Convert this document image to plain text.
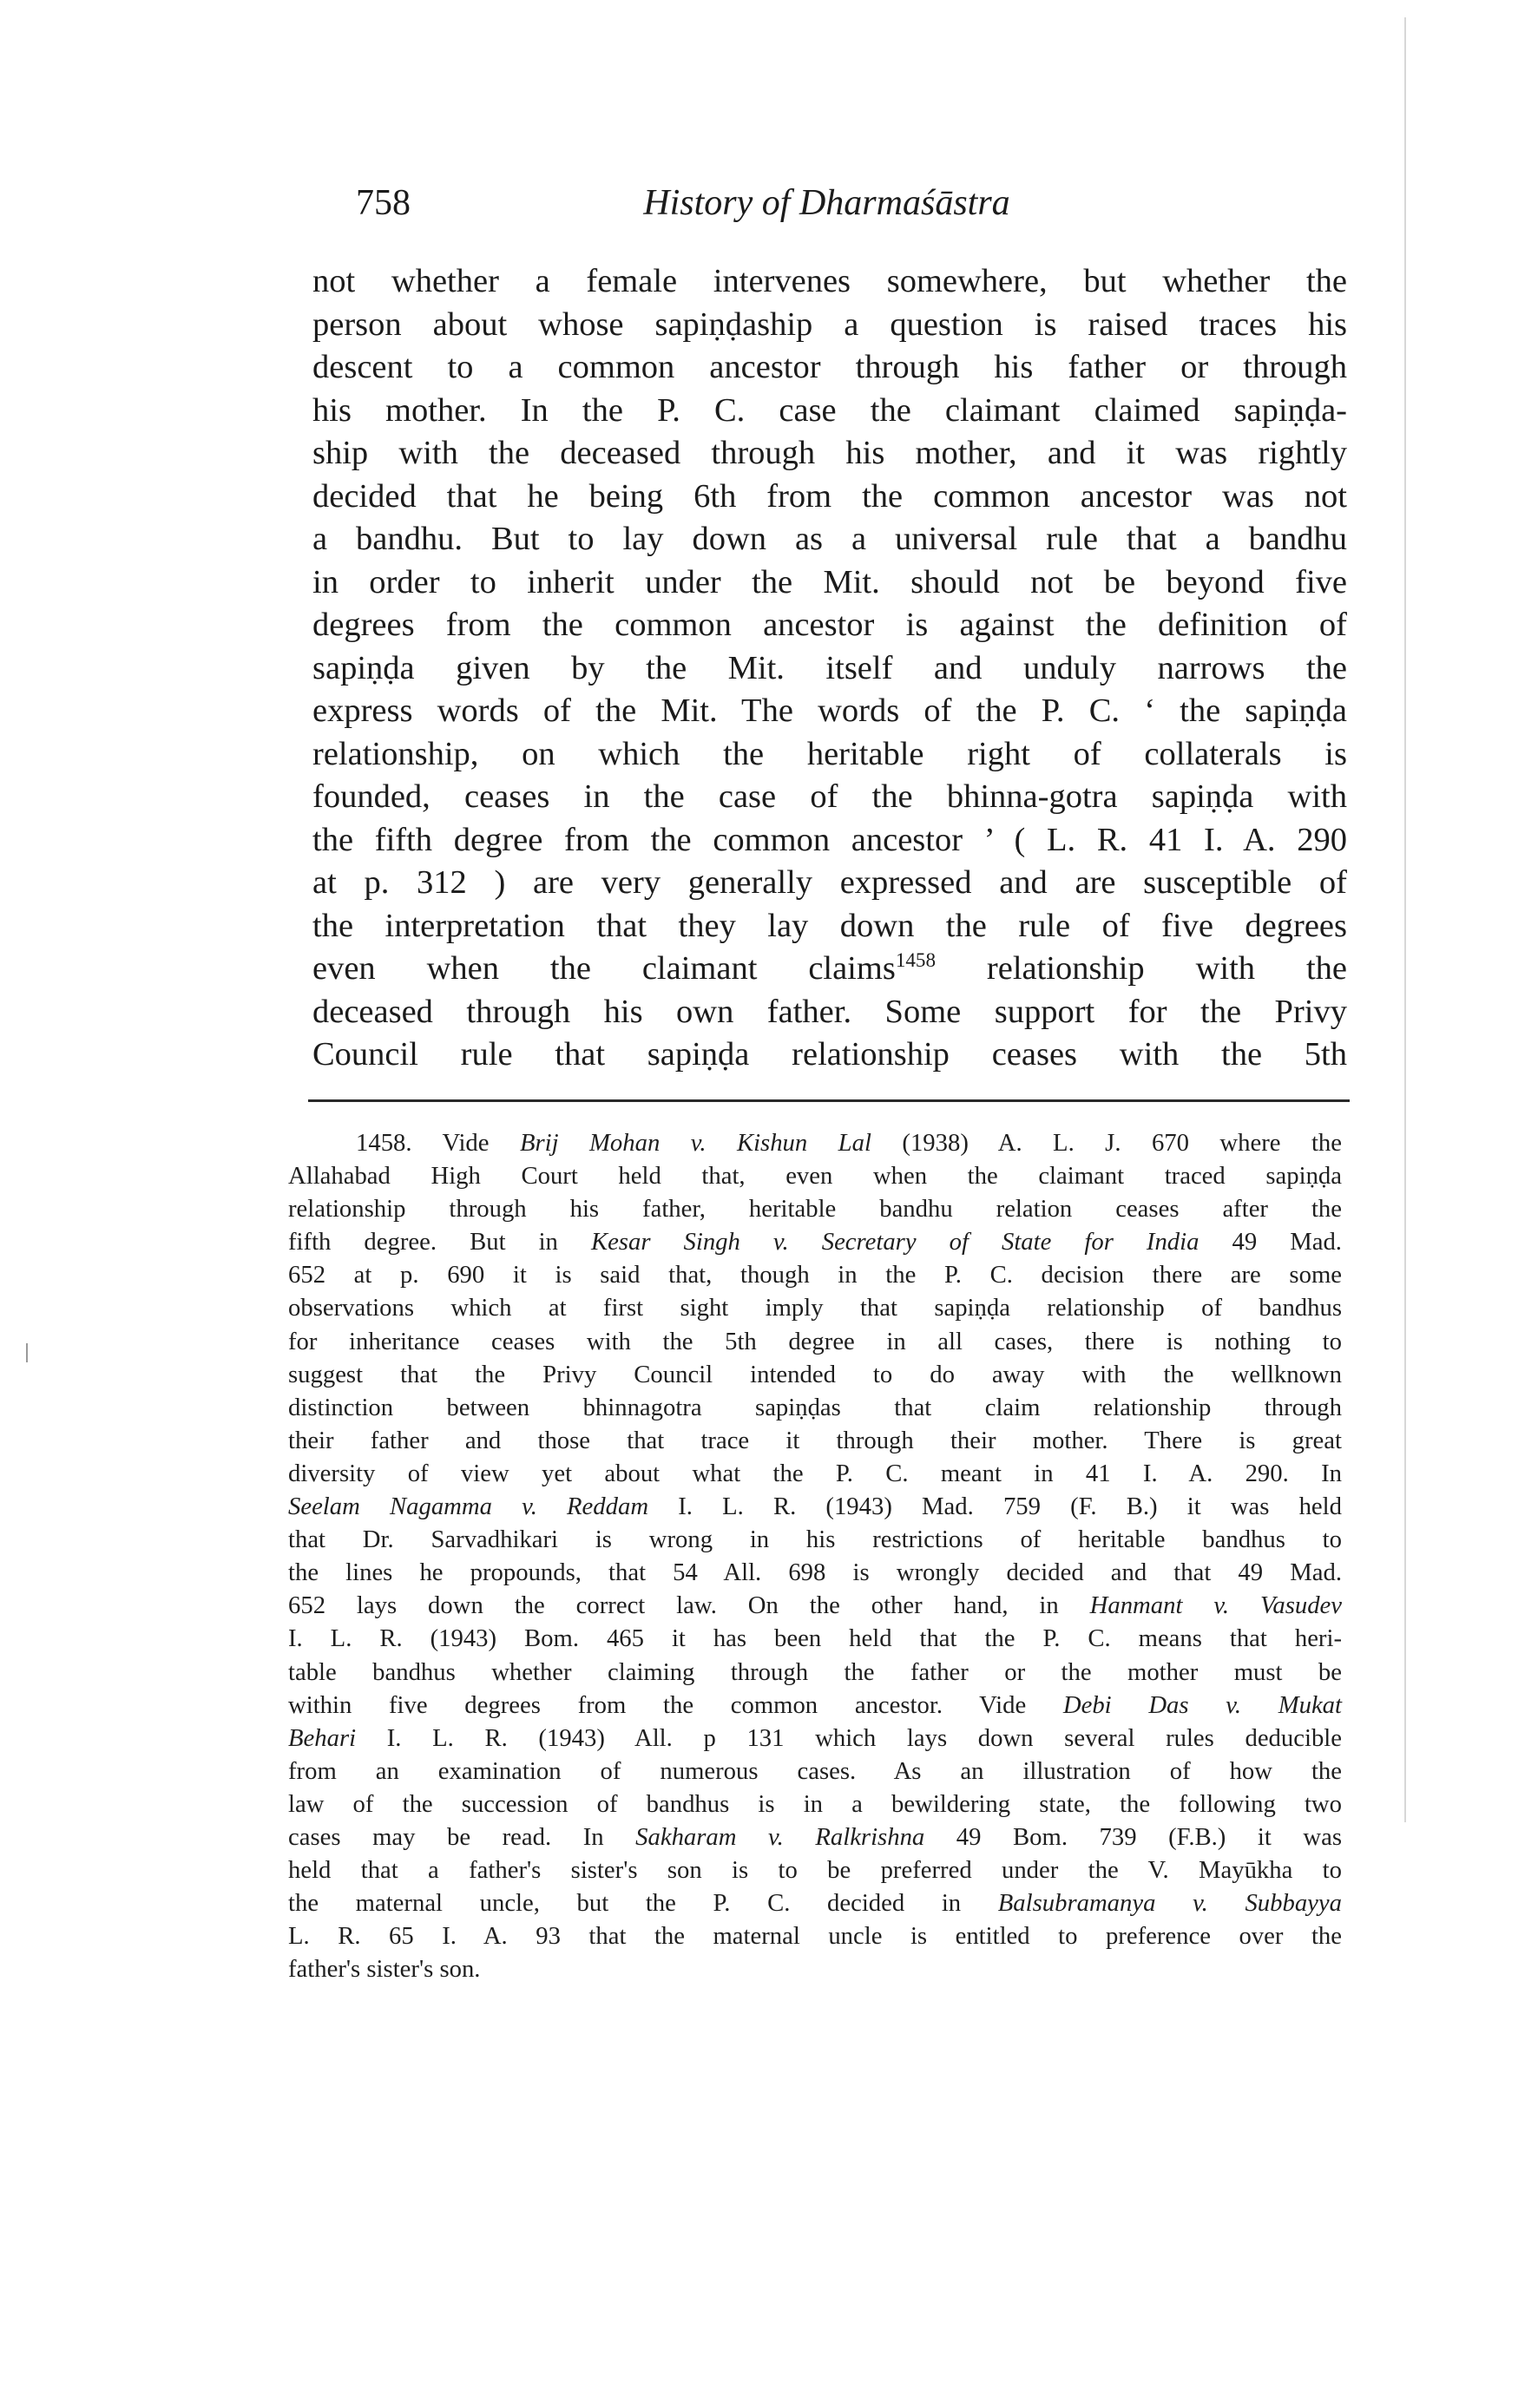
758	History of Dharmaśāstra
not whether a female intervenes somewhere, but whether the
person about whose sapiṇḍaship a question is raised traces his
descent to a common ancestor through his father or through
his mother. In the P. C. case the claimant claimed sapiṇḍa-
ship with the deceased through his mother, and it was rightly
decided that he being 6th from the common ancestor was not
a bandhu. But to lay down as a universal rule that a bandhu
in order to inherit under the Mit. should not be beyond five
degrees from the common ancestor is against the definition of
sapiṇḍa given by the Mit. itself and unduly narrows the
express words of the Mit. The words of the P. C. ‘ the sapiṇḍa
relationship, on which the heritable right of collaterals is
founded, ceases in the case of the bhinna-gotra sapiṇḍa with
the fifth degree from the common ancestor ’ ( L. R. 41 I. A. 290
at p. 312 ) are very generally expressed and are susceptible of
the interpretation that they lay down the rule of five degrees
even when the claimant claims$^{1458}$ relationship with the
deceased through his own father. Some support for the Privy
Council rule that sapiṇḍa relationship ceases with the 5th
1458. Vide Brij Mohan v. Kishun Lal (1938) A. L. J. 670 where the
Allahabad High Court held that, even when the claimant traced sapiṇḍa
relationship through his father, heritable bandhu relation ceases after the
fifth degree. But in Kesar Singh v. Secretary of State for India 49 Mad.
652 at p. 690 it is said that, though in the P. C. decision there are some
observations which at first sight imply that sapiṇḍa relationship of bandhus
for inheritance ceases with the 5th degree in all cases, there is nothing to
suggest that the Privy Council intended to do away with the wellknown
distinction between bhinnagotra sapiṇḍas that claim relationship through
their father and those that trace it through their mother. There is great
diversity of view yet about what the P. C. meant in 41 I. A. 290. In
Seelam Nagamma v. Reddam I. L. R. (1943) Mad. 759 (F. B.) it was held
that Dr. Sarvadhikari is wrong in his restrictions of heritable bandhus to
the lines he propounds, that 54 All. 698 is wrongly decided and that 49 Mad.
652 lays down the correct law. On the other hand, in Hanmant v. Vasudev
I. L. R. (1943) Bom. 465 it has been held that the P. C. means that heri-
table bandhus whether claiming through the father or the mother must be
within five degrees from the common ancestor. Vide Debi Das v. Mukat
Behari I. L. R. (1943) All. p 131 which lays down several rules deducible
from an examination of numerous cases. As an illustration of how the
law of the succession of bandhus is in a bewildering state, the following two
cases may be read. In Sakharam v. Ralkrishna 49 Bom. 739 (F.B.) it was
held that a father's sister's son is to be preferred under the V. Mayūkha to
the maternal uncle, but the P. C. decided in Balsubramanya v. Subbayya
L. R. 65 I. A. 93 that the maternal uncle is entitled to preference over the
father's sister's son.
